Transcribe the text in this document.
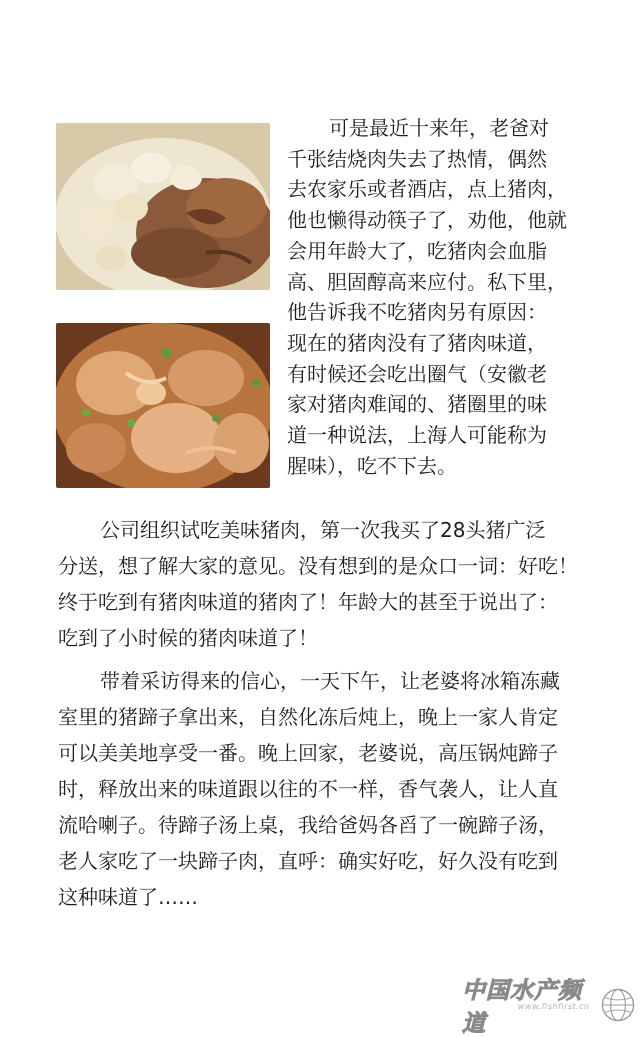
可是最近十来年，老爸对
千张结烧肉失去了热情，偶然
去农家乐或者酒店，点上猪肉，
他也懒得动筷子了，劝他，他就
会用年龄大了，吃猪肉会血脂
高、胆固醇高来应付。私下里，
他告诉我不吃猪肉另有原因：
现在的猪肉没有了猪肉味道，
有时候还会吃出圈气（安徽老
家对猪肉难闻的、猪圈里的味
道一种说法，上海人可能称为
腥味），吃不下去。
公司组织试吃美味猪肉，第一次我买了28头猪广泛
分送，想了解大家的意见。没有想到的是众口一词：好吃！
终于吃到有猪肉味道的猪肉了！年龄大的甚至于说出了：
吃到了小时候的猪肉味道了！
带着采访得来的信心，一天下午，让老婆将冰箱冻藏
室里的猪蹄子拿出来，自然化冻后炖上，晚上一家人肯定
可以美美地享受一番。晚上回家，老婆说，高压锅炖蹄子
时，释放出来的味道跟以往的不一样，香气袭人，让人直
流哈喇子。待蹄子汤上桌，我给爸妈各舀了一碗蹄子汤，
老人家吃了一块蹄子肉，直呼：确实好吃，好久没有吃到
这种味道了……
中国水产频道
www.fishfirst.cn
